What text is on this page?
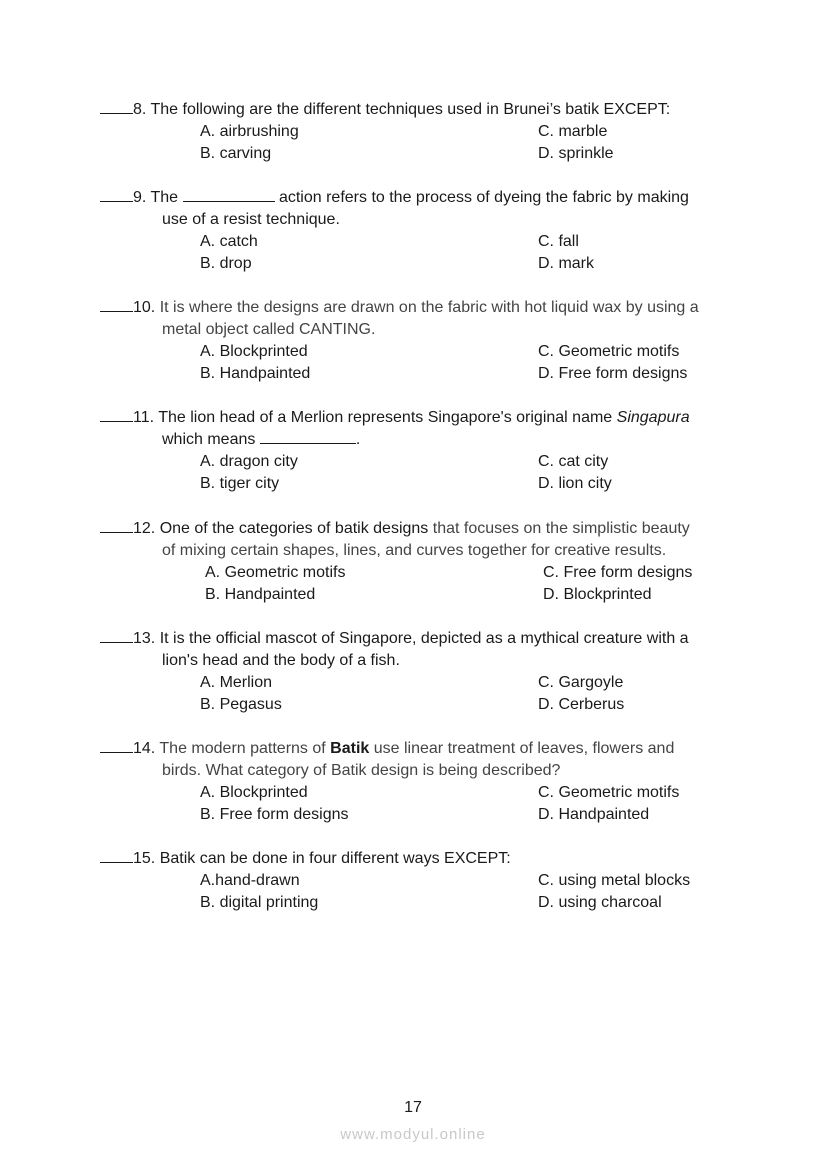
8. The following are the different techniques used in Brunei’s batik EXCEPT:
A. airbrushing	C. marble
B. carving	D. sprinkle
9. The	action refers to the process of dyeing the fabric by making
use of a resist technique.
A. catch	C. fall
B. drop	D. mark
10. It is where the designs are drawn on the fabric with hot liquid wax by using a
metal object called CANTING.
A. Blockprinted	C. Geometric motifs
B. Handpainted	D. Free form designs
11. The lion head of a Merlion represents Singapore's original name Singapura
which means	.
A. dragon city	C. cat city
B. tiger city	D. lion city
12. One of the categories of batik designs that focuses on the simplistic beauty
of mixing certain shapes, lines, and curves together for creative results.
A. Geometric motifs	C. Free form designs
B. Handpainted	D. Blockprinted
13. It is the official mascot of Singapore, depicted as a mythical creature with a
lion's head and the body of a fish.
A. Merlion	C. Gargoyle
B. Pegasus	D. Cerberus
14. The modern patterns of Batik use linear treatment of leaves, flowers and
birds. What category of Batik design is being described?
A. Blockprinted	C. Geometric motifs
B. Free form designs	D. Handpainted
15. Batik can be done in four different ways EXCEPT:
A.hand-drawn	C. using metal blocks
B. digital printing	D. using charcoal
17
www.modyul.online
